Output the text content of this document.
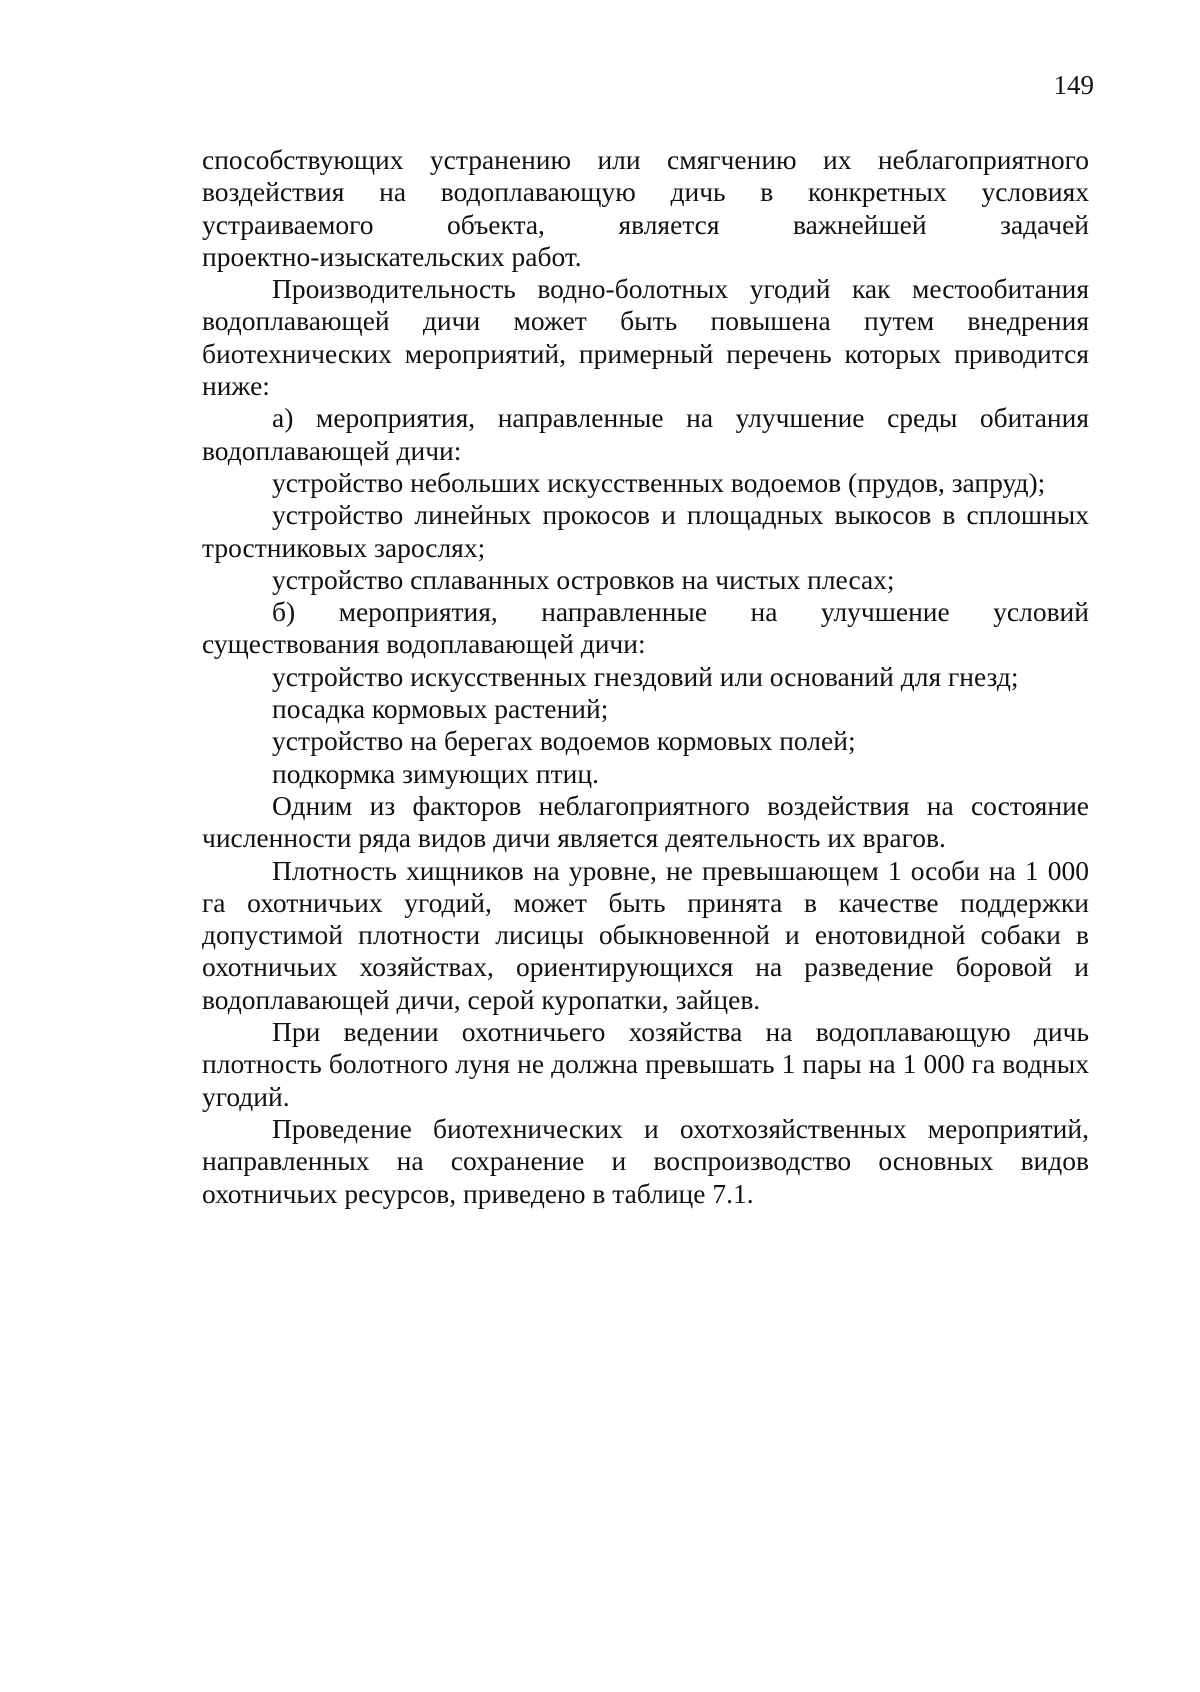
149

способствующих устранению или смягчению их неблагоприятного
воздействия на водоплавающую дичь в конкретных условиях
устраиваемого объекта, является важнейшей задачей
проектно-изыскательских работ.

Производительность водно-болотных угодий как местообитания водоплавающей дичи может быть повышена путем внедрения биотехнических мероприятий, примерный перечень которых приводится ниже:

а) мероприятия, направленные на улучшение среды обитания водоплавающей дичи:

устройство небольших искусственных водоемов (прудов, запруд);

устройство линейных прокосов и площадных выкосов в сплошных тростниковых зарослях;

устройство сплаванных островков на чистых плесах;

б) мероприятия, направленные на улучшение условий существования водоплавающей дичи:

устройство искусственных гнездовий или оснований для гнезд;

посадка кормовых растений;

устройство на берегах водоемов кормовых полей;

подкормка зимующих птиц.

Одним из факторов неблагоприятного воздействия на состояние численности ряда видов дичи является деятельность их врагов.

Плотность хищников на уровне, не превышающем 1 особи на 1 000 га охотничьих угодий, может быть принята в качестве поддержки допустимой плотности лисицы обыкновенной и енотовидной собаки в охотничьих хозяйствах, ориентирующихся на разведение боровой и водоплавающей дичи, серой куропатки, зайцев.

При ведении охотничьего хозяйства на водоплавающую дичь плотность болотного луня не должна превышать 1 пары на 1 000 га водных угодий.

Проведение биотехнических и охотхозяйственных мероприятий, направленных на сохранение и воспроизводство основных видов охотничьих ресурсов, приведено в таблице 7.1.
